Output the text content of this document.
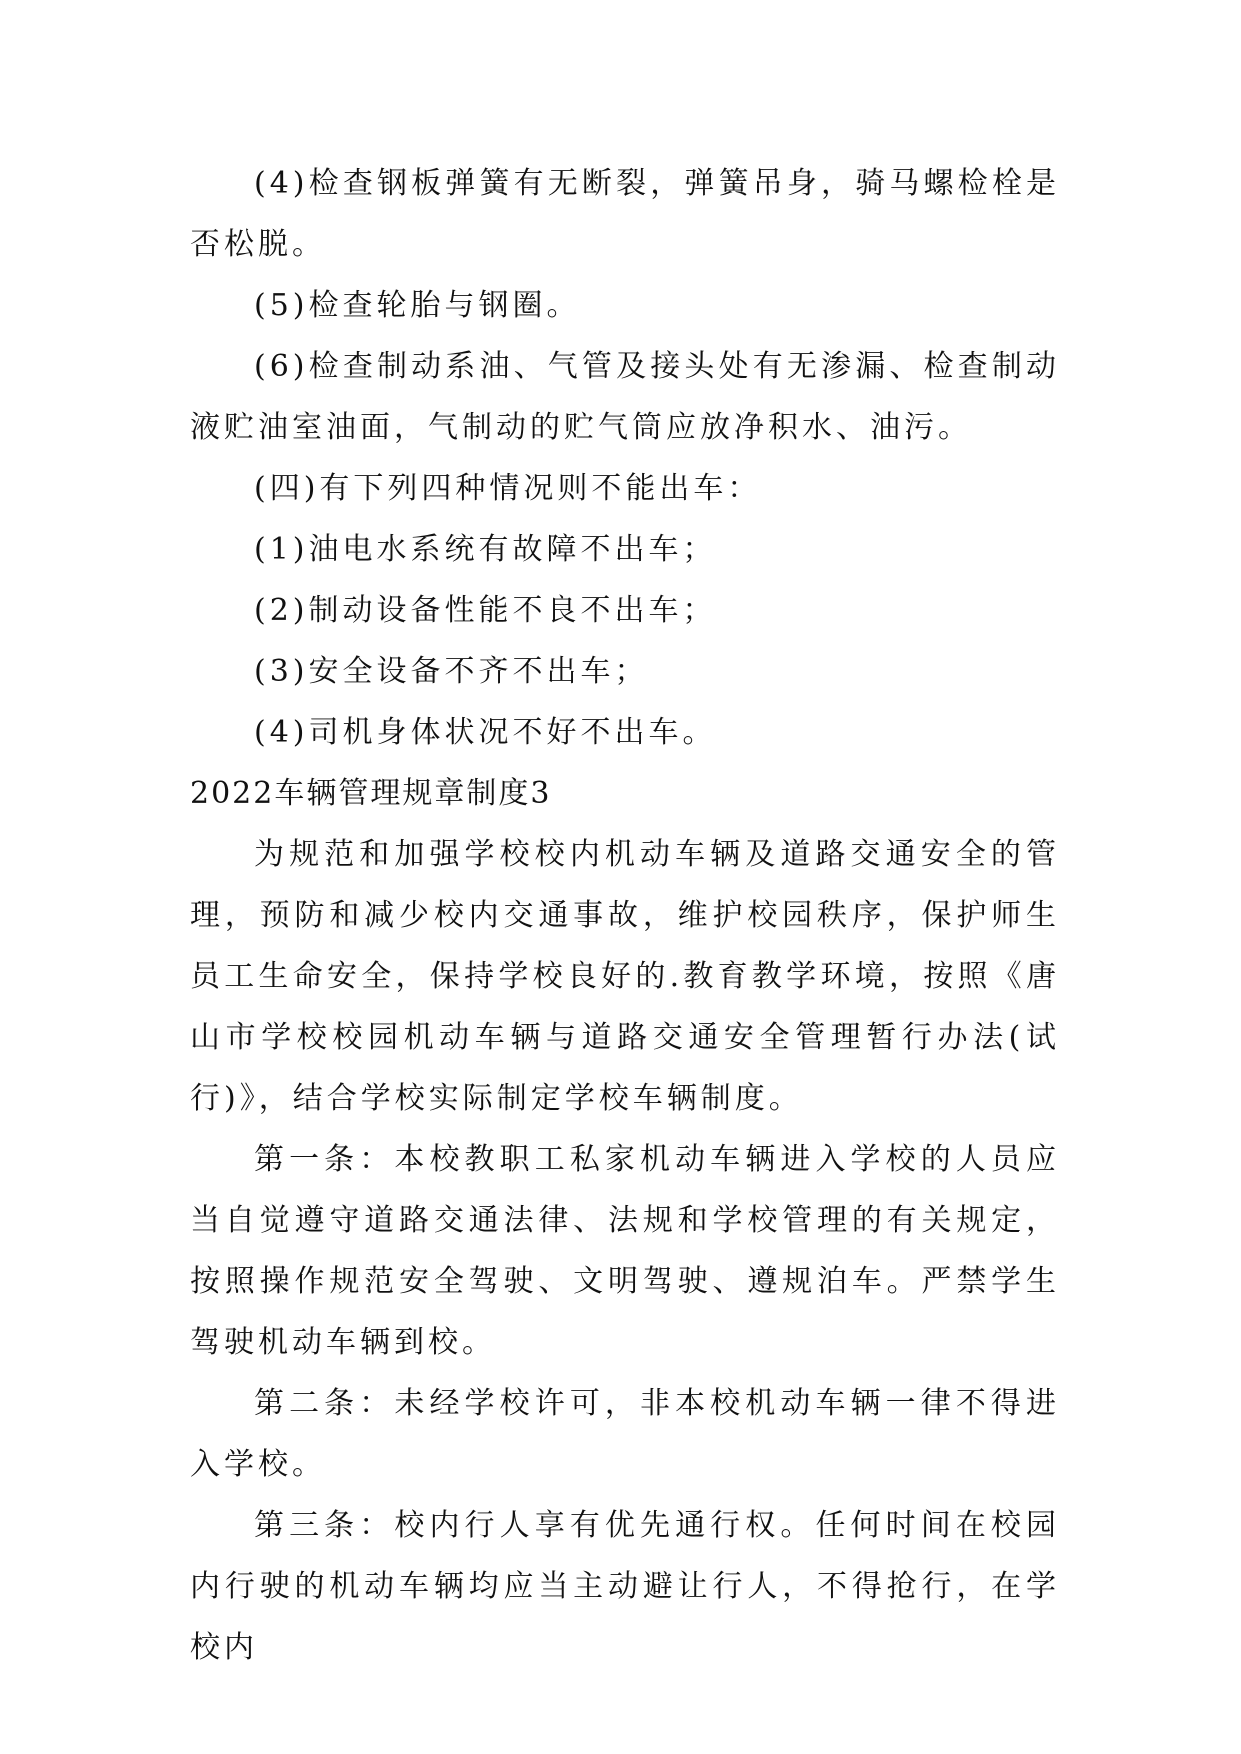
(4)检查钢板弹簧有无断裂，弹簧吊身，骑马螺检栓是否松脱。

(5)检查轮胎与钢圈。

(6)检查制动系油、气管及接头处有无渗漏、检查制动液贮油室油面，气制动的贮气筒应放净积水、油污。

(四)有下列四种情况则不能出车：

(1)油电水系统有故障不出车；

(2)制动设备性能不良不出车；

(3)安全设备不齐不出车；

(4)司机身体状况不好不出车。

2022车辆管理规章制度3

为规范和加强学校校内机动车辆及道路交通安全的管理，预防和减少校内交通事故，维护校园秩序，保护师生员工生命安全，保持学校良好的.教育教学环境，按照《唐山市学校校园机动车辆与道路交通安全管理暂行办法(试行)》，结合学校实际制定学校车辆制度。

第一条：本校教职工私家机动车辆进入学校的人员应当自觉遵守道路交通法律、法规和学校管理的有关规定，按照操作规范安全驾驶、文明驾驶、遵规泊车。严禁学生驾驶机动车辆到校。

第二条：未经学校许可，非本校机动车辆一律不得进入学校。

第三条：校内行人享有优先通行权。任何时间在校园内行驶的机动车辆均应当主动避让行人，不得抢行，在学校内
